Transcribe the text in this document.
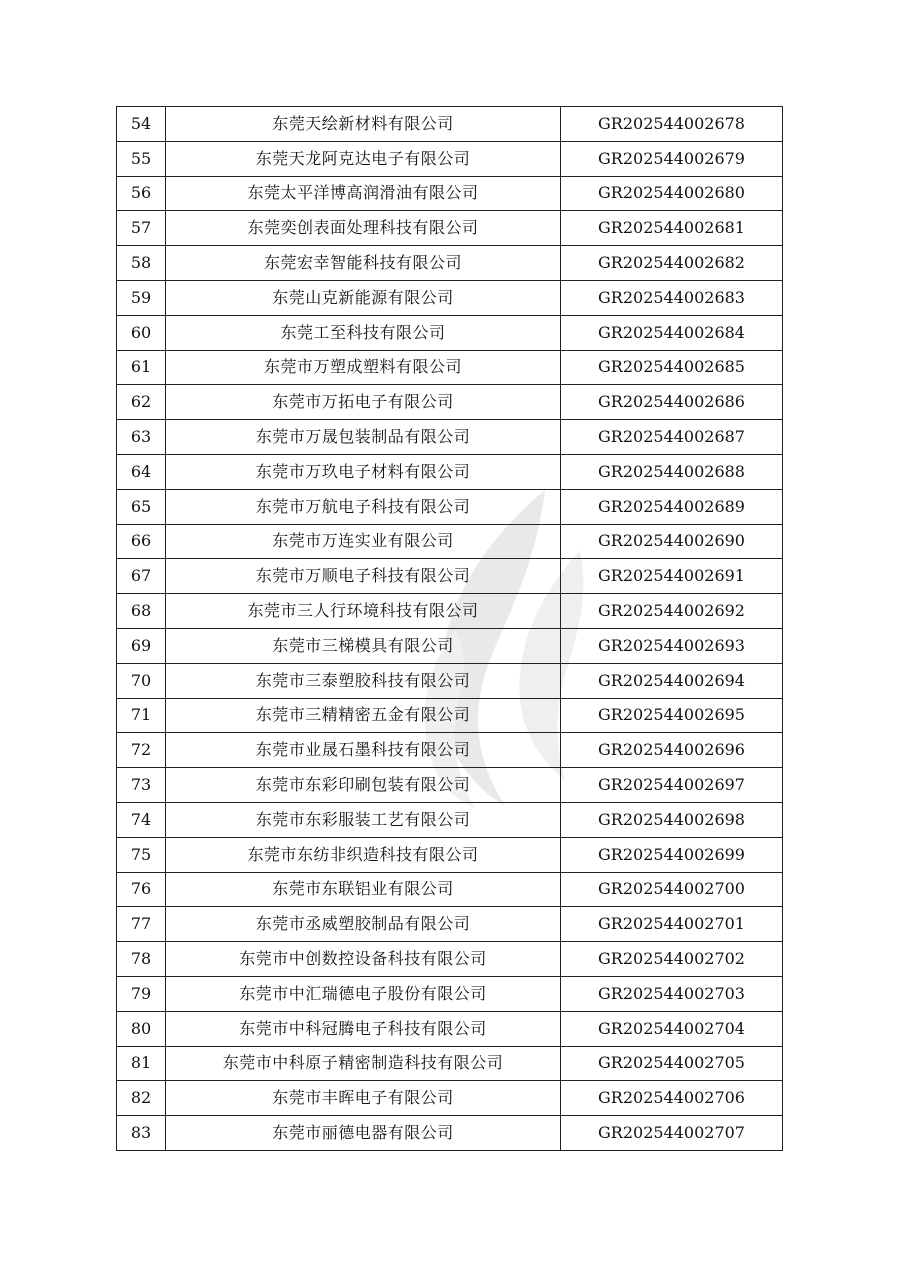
54	东莞天绘新材料有限公司	GR202544002678
55	东莞天龙阿克达电子有限公司	GR202544002679
56	东莞太平洋博高润滑油有限公司	GR202544002680
57	东莞奕创表面处理科技有限公司	GR202544002681
58	东莞宏幸智能科技有限公司	GR202544002682
59	东莞山克新能源有限公司	GR202544002683
60	东莞工至科技有限公司	GR202544002684
61	东莞市万塑成塑料有限公司	GR202544002685
62	东莞市万拓电子有限公司	GR202544002686
63	东莞市万晟包装制品有限公司	GR202544002687
64	东莞市万玖电子材料有限公司	GR202544002688
65	东莞市万航电子科技有限公司	GR202544002689
66	东莞市万连实业有限公司	GR202544002690
67	东莞市万顺电子科技有限公司	GR202544002691
68	东莞市三人行环境科技有限公司	GR202544002692
69	东莞市三梯模具有限公司	GR202544002693
70	东莞市三泰塑胶科技有限公司	GR202544002694
71	东莞市三精精密五金有限公司	GR202544002695
72	东莞市业晟石墨科技有限公司	GR202544002696
73	东莞市东彩印刷包装有限公司	GR202544002697
74	东莞市东彩服装工艺有限公司	GR202544002698
75	东莞市东纺非织造科技有限公司	GR202544002699
76	东莞市东联铝业有限公司	GR202544002700
77	东莞市丞威塑胶制品有限公司	GR202544002701
78	东莞市中创数控设备科技有限公司	GR202544002702
79	东莞市中汇瑞德电子股份有限公司	GR202544002703
80	东莞市中科冠腾电子科技有限公司	GR202544002704
81	东莞市中科原子精密制造科技有限公司	GR202544002705
82	东莞市丰晖电子有限公司	GR202544002706
83	东莞市丽德电器有限公司	GR202544002707
